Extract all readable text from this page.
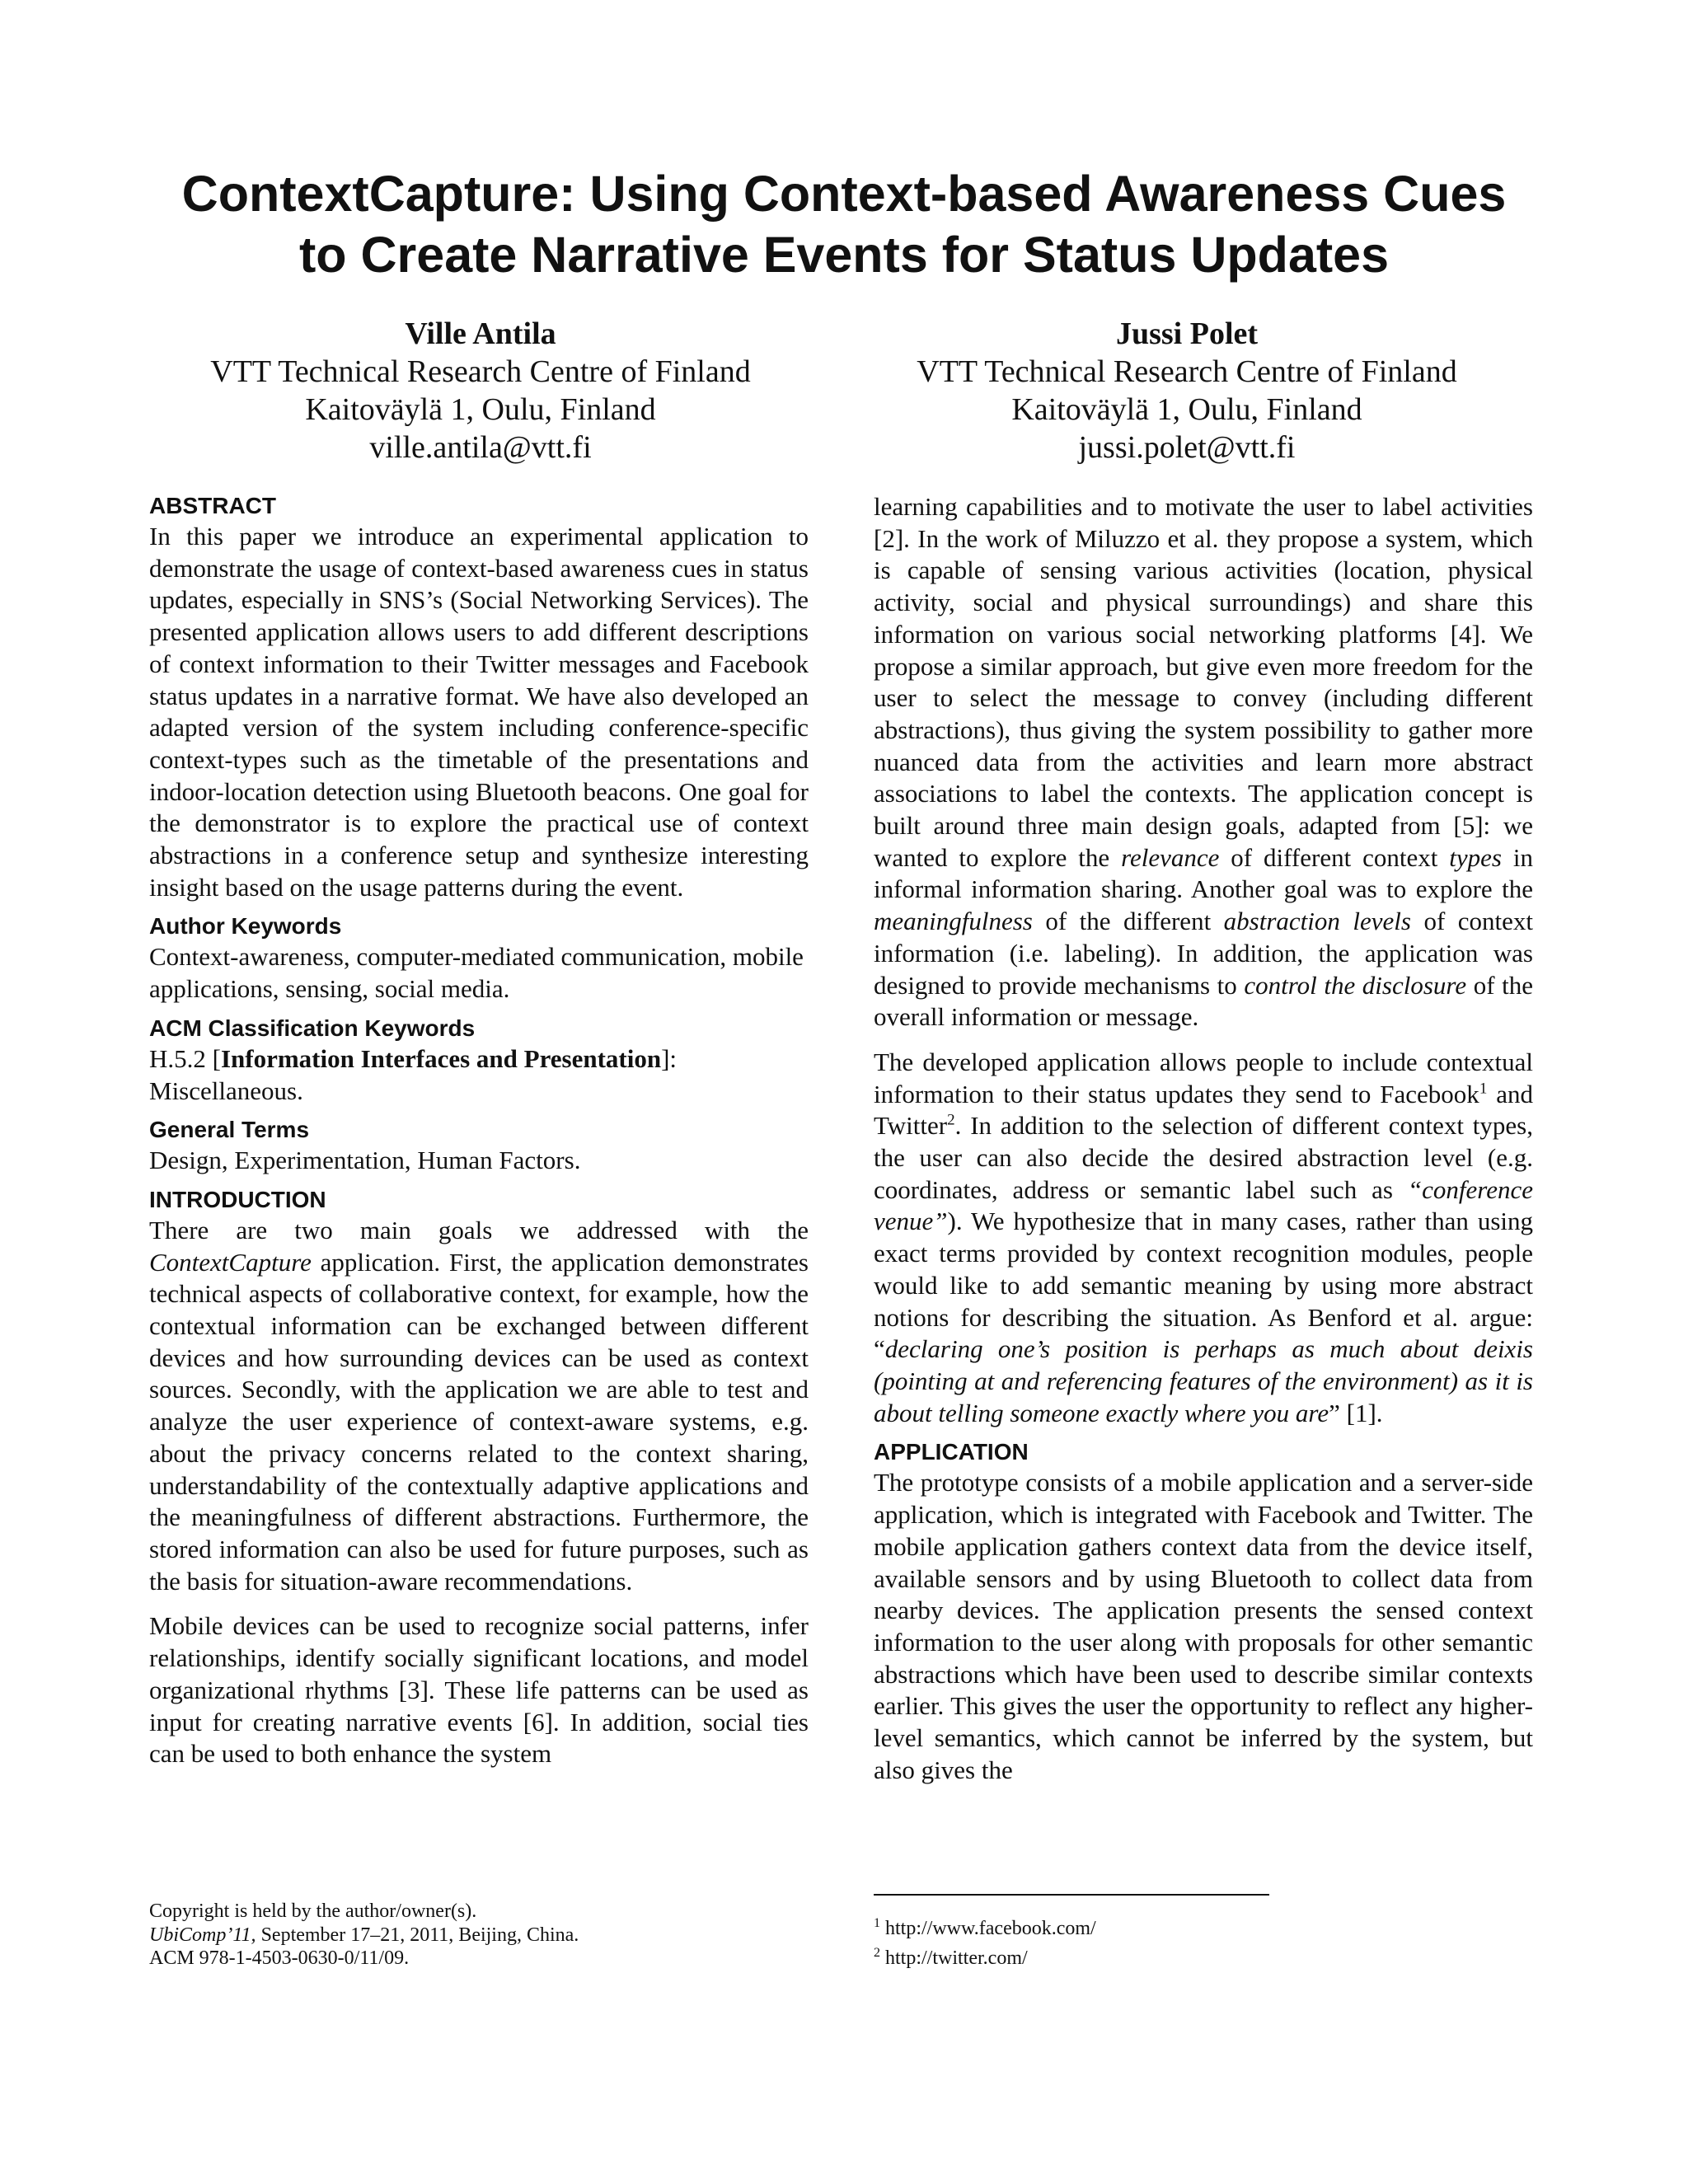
ContextCapture: Using Context-based Awareness Cues
to Create Narrative Events for Status Updates
Ville Antila
VTT Technical Research Centre of Finland
Kaitoväylä 1, Oulu, Finland
ville.antila@vtt.fi
Jussi Polet
VTT Technical Research Centre of Finland
Kaitoväylä 1, Oulu, Finland
jussi.polet@vtt.fi
ABSTRACT

In this paper we introduce an experimental application to demonstrate the usage of context-based awareness cues in status updates, especially in SNS’s (Social Networking Services). The presented application allows users to add different descriptions of context information to their Twitter messages and Facebook status updates in a narrative format. We have also developed an adapted version of the system including conference-specific context-types such as the timetable of the presentations and indoor-location detection using Bluetooth beacons. One goal for the demonstrator is to explore the practical use of context abstractions in a conference setup and synthesize interesting insight based on the usage patterns during the event.

Author Keywords

Context-awareness, computer-mediated communication, mobile applications, sensing, social media.

ACM Classification Keywords

H.5.2 [Information Interfaces and Presentation]: Miscellaneous.

General Terms

Design, Experimentation, Human Factors.

INTRODUCTION

There are two main goals we addressed with the ContextCapture application. First, the application demonstrates technical aspects of collaborative context, for example, how the contextual information can be exchanged between different devices and how surrounding devices can be used as context sources. Secondly, with the application we are able to test and analyze the user experience of context-aware systems, e.g. about the privacy concerns related to the context sharing, understandability of the contextually adaptive applications and the meaningfulness of different abstractions. Furthermore, the stored information can also be used for future purposes, such as the basis for situation-aware recommendations.

Mobile devices can be used to recognize social patterns, infer relationships, identify socially significant locations, and model organizational rhythms [3]. These life patterns can be used as input for creating narrative events [6]. In addition, social ties can be used to both enhance the system

learning capabilities and to motivate the user to label activities [2]. In the work of Miluzzo et al. they propose a system, which is capable of sensing various activities (location, physical activity, social and physical surroundings) and share this information on various social networking platforms [4]. We propose a similar approach, but give even more freedom for the user to select the message to convey (including different abstractions), thus giving the system possibility to gather more nuanced data from the activities and learn more abstract associations to label the contexts. The application concept is built around three main design goals, adapted from [5]: we wanted to explore the relevance of different context types in informal information sharing. Another goal was to explore the meaningfulness of the different abstraction levels of context information (i.e. labeling). In addition, the application was designed to provide mechanisms to control the disclosure of the overall information or message.

The developed application allows people to include contextual information to their status updates they send to Facebook$^1$ and Twitter$^2$. In addition to the selection of different context types, the user can also decide the desired abstraction level (e.g. coordinates, address or semantic label such as “conference venue”). We hypothesize that in many cases, rather than using exact terms provided by context recognition modules, people would like to add semantic meaning by using more abstract notions for describing the situation. As Benford et al. argue: “declaring one’s position is perhaps as much about deixis (pointing at and referencing features of the environment) as it is about telling someone exactly where you are” [1].

APPLICATION

The prototype consists of a mobile application and a server-side application, which is integrated with Facebook and Twitter. The mobile application gathers context data from the device itself, available sensors and by using Bluetooth to collect data from nearby devices. The application presents the sensed context information to the user along with proposals for other semantic abstractions which have been used to describe similar contexts earlier. This gives the user the opportunity to reflect any higher-level semantics, which cannot be inferred by the system, but also gives the

Copyright is held by the author/owner(s).
UbiComp’11, September 17–21, 2011, Beijing, China.
ACM 978-1-4503-0630-0/11/09.
$^1$ http://www.facebook.com/
$^2$ http://twitter.com/
